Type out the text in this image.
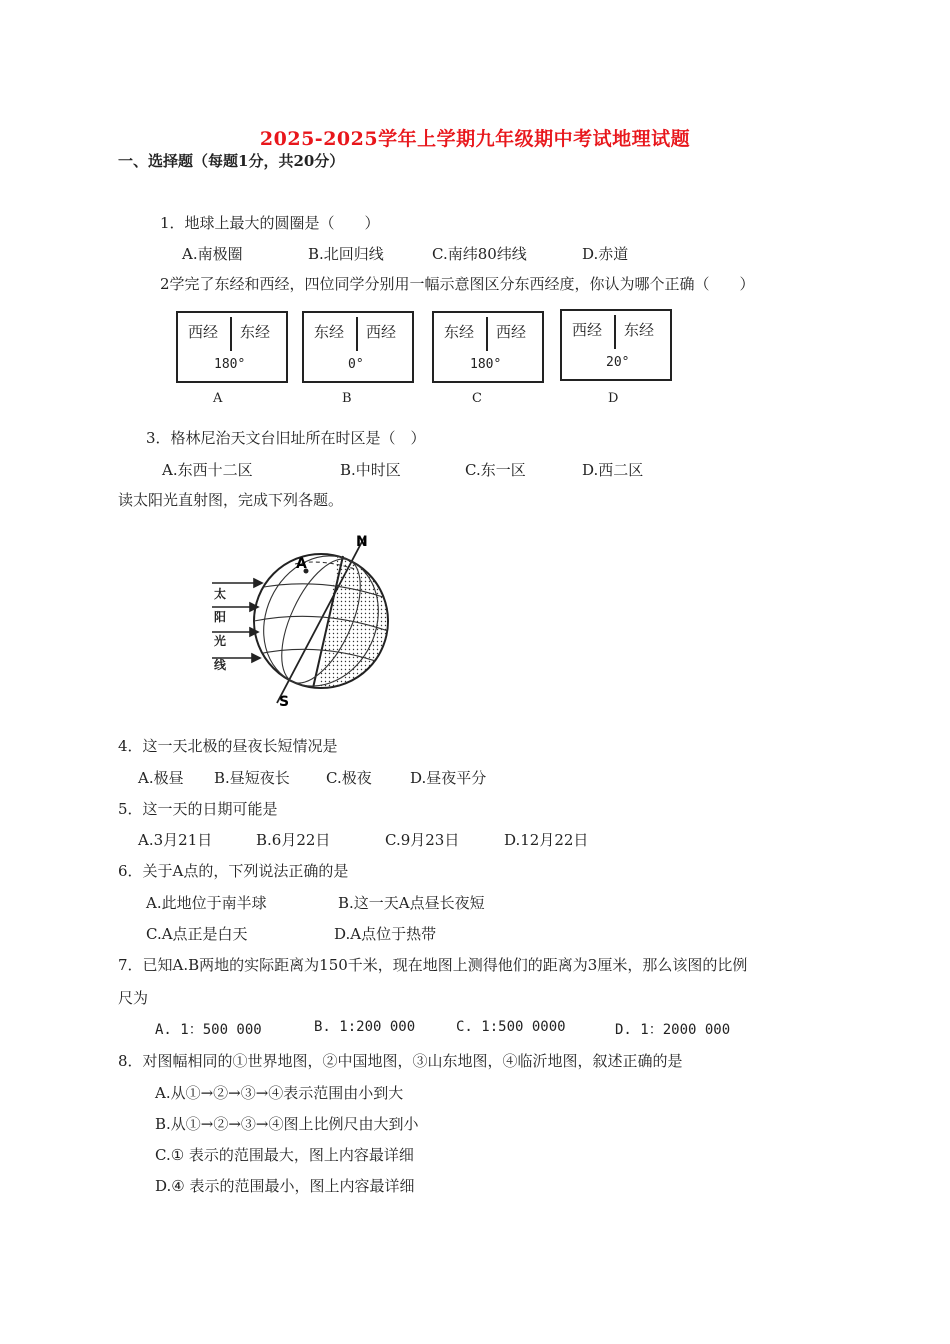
2025-2025学年上学期九年级期中考试地理试题
一、选择题（每题1分，共20分）
1．地球上最大的圆圈是（　　）
A.南极圈	B.北回归线	C.南纬80纬线	D.赤道
2学完了东经和西经，四位同学分别用一幅示意图区分东西经度，你认为哪个正确（　　）
西经 东经
180°
东经 西经
0°
东经 西经
180°
西经 东经
20°
A	B	C	D
3．格林尼治天文台旧址所在时区是（　）
A.东西十二区	B.中时区	C.东一区	D.西二区
读太阳光直射图，完成下列各题。
A
N
S
太
阳
光
线
4．这一天北极的昼夜长短情况是
A.极昼 B.昼短夜长 C.极夜	D.昼夜平分
5．这一天的日期可能是
A.3月21日	B.6月22日	C.9月23日	D.12月22日
6．关于A点的，下列说法正确的是
A.此地位于南半球	B.这一天A点昼长夜短
C.A点正是白天	D.A点位于热带
7．已知A.B两地的实际距离为150千米，现在地图上测得他们的距离为3厘米，那么该图的比例
尺为
A. 1：500 000	B. 1:200 000	C. 1:500 0000	D. 1：2000 000
8．对图幅相同的①世界地图，②中国地图，③山东地图，④临沂地图，叙述正确的是
A.从①→②→③→④表示范围由小到大
B.从①→②→③→④图上比例尺由大到小
C.① 表示的范围最大，图上内容最详细
D.④ 表示的范围最小，图上内容最详细
